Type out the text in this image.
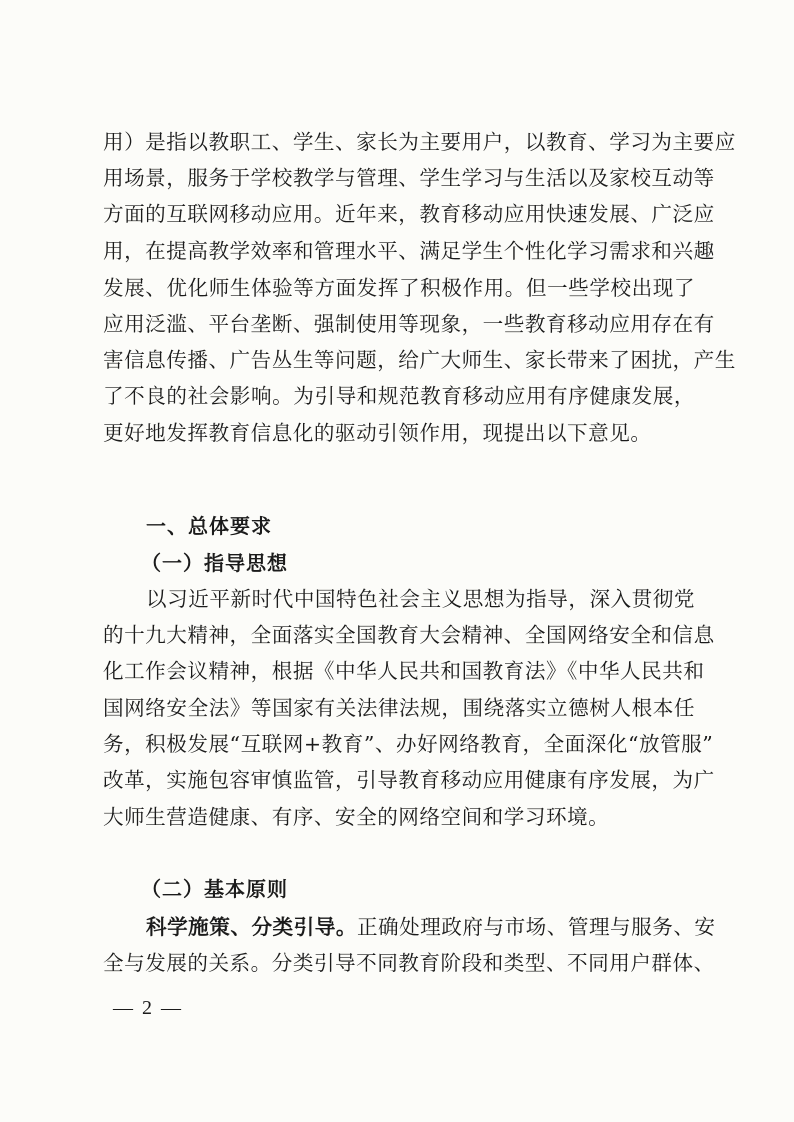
用）是指以教职工、学生、家长为主要用户，以教育、学习为主要应
用场景，服务于学校教学与管理、学生学习与生活以及家校互动等
方面的互联网移动应用。近年来，教育移动应用快速发展、广泛应
用，在提高教学效率和管理水平、满足学生个性化学习需求和兴趣
发展、优化师生体验等方面发挥了积极作用。但一些学校出现了
应用泛滥、平台垄断、强制使用等现象，一些教育移动应用存在有
害信息传播、广告丛生等问题，给广大师生、家长带来了困扰，产生
了不良的社会影响。为引导和规范教育移动应用有序健康发展，
更好地发挥教育信息化的驱动引领作用，现提出以下意见。
一、总体要求
（一）指导思想
以习近平新时代中国特色社会主义思想为指导，深入贯彻党
的十九大精神，全面落实全国教育大会精神、全国网络安全和信息
化工作会议精神，根据《中华人民共和国教育法》《中华人民共和
国网络安全法》等国家有关法律法规，围绕落实立德树人根本任
务，积极发展“互联网+教育”、办好网络教育，全面深化“放管服”
改革，实施包容审慎监管，引导教育移动应用健康有序发展，为广
大师生营造健康、有序、安全的网络空间和学习环境。
（二）基本原则
科学施策、分类引导。正确处理政府与市场、管理与服务、安
全与发展的关系。分类引导不同教育阶段和类型、不同用户群体、
— 2 —
